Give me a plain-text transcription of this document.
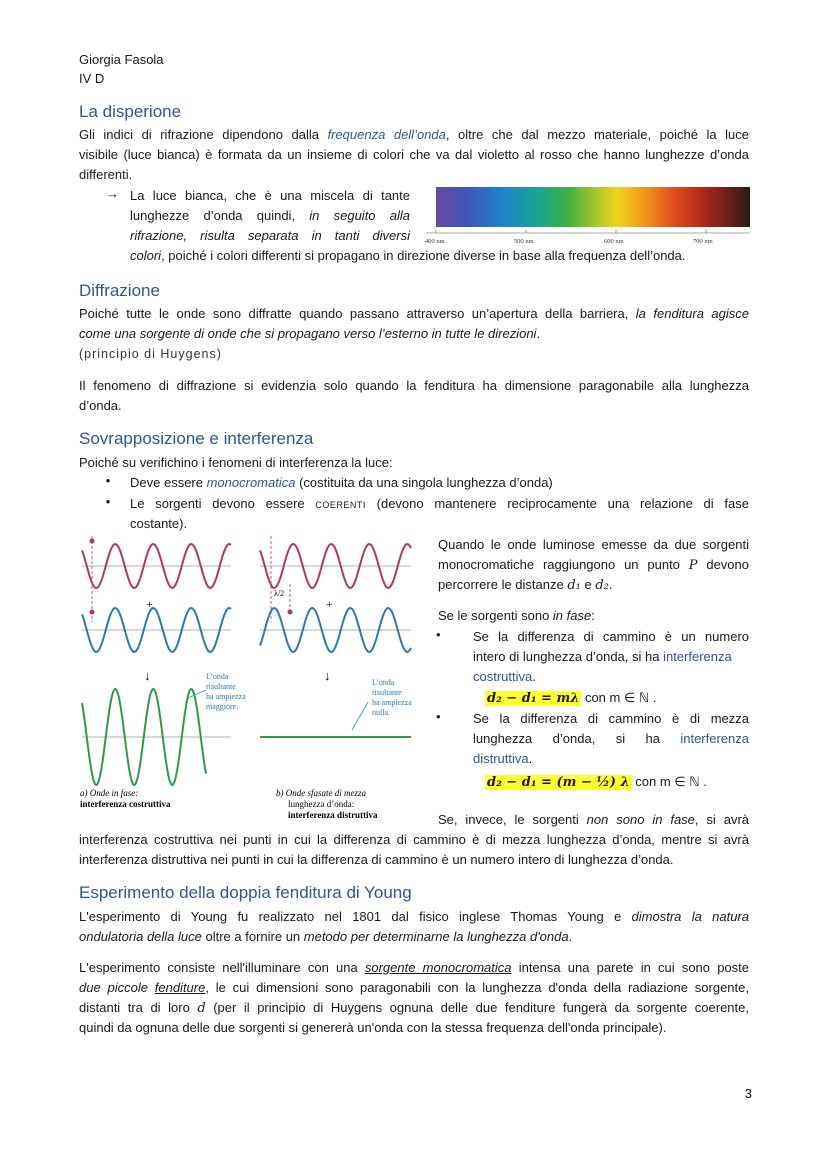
Giorgia Fasola
IV D
La disperione
Gli indici di rifrazione dipendono dalla frequenza dell’onda, oltre che dal mezzo materiale, poiché la luce
visibile (luce bianca) è formata da un insieme di colori che va dal violetto al rosso che hanno lunghezze d’onda
differenti.
→ La luce bianca, che è una miscela di tante
lunghezze d’onda quindi, in seguito alla
rifrazione, risulta separata in tanti diversi
colori, poiché i colori differenti si propagano in direzione diverse in base alla frequenza dell’onda.
400 nm	500 nm	600 nm	700 nm
Diffrazione
Poiché tutte le onde sono diffratte quando passano attraverso un’apertura della barriera, la fenditura agisce
come una sorgente di onde che si propagano verso l’esterno in tutte le direzioni.
(principio di Huygens)
Il fenomeno di diffrazione si evidenzia solo quando la fenditura ha dimensione paragonabile alla lunghezza
d’onda.
Sovrapposizione e interferenza
Poiché su verifichino i fenomeni di interferenza la luce:
• Deve essere monocromatica (costituita da una singola lunghezza d’onda)
• Le sorgenti devono essere COERENTI (devono mantenere reciprocamente una relazione di fase
costante).
+
↓	L’onda
risultante
ha ampiezza
maggiore.
a) Onde in fase:
interferenza costruttiva
λ/2
+
↓	L’onda
risultante
ha ampiezza
nulla.
b) Onde sfasate di mezza
lunghezza d’onda:
interferenza distruttiva
Quando le onde luminose emesse da due sorgenti
monocromatiche raggiungono un punto P devono
percorrere le distanze d₁ e d₂.
Se le sorgenti sono in fase:
• Se la differenza di cammino è un numero
intero di lunghezza d’onda, si ha interferenza
costruttiva.
d₂ − d₁ = mλ con m ∈ ℕ .
• Se la differenza di cammino è di mezza
lunghezza d’onda, si ha interferenza
distruttiva.
d₂ − d₁ = (m − ½) λ con m ∈ ℕ .
Se, invece, le sorgenti non sono in fase, si avrà
interferenza costruttiva nei punti in cui la differenza di cammino è di mezza lunghezza d’onda, mentre si avrà
interferenza distruttiva nei punti in cui la differenza di cammino è un numero intero di lunghezza d’onda.
Esperimento della doppia fenditura di Young
L'esperimento di Young fu realizzato nel 1801 dal fisico inglese Thomas Young e dimostra la natura
ondulatoria della luce oltre a fornire un metodo per determinarne la lunghezza d'onda.
L'esperimento consiste nell'illuminare con una sorgente monocromatica intensa una parete in cui sono poste
due piccole fenditure, le cui dimensioni sono paragonabili con la lunghezza d'onda della radiazione sorgente,
distanti tra di loro d (per il principio di Huygens ognuna delle due fenditure fungerà da sorgente coerente,
quindi da ognuna delle due sorgenti si genererà un'onda con la stessa frequenza dell'onda principale).
3
